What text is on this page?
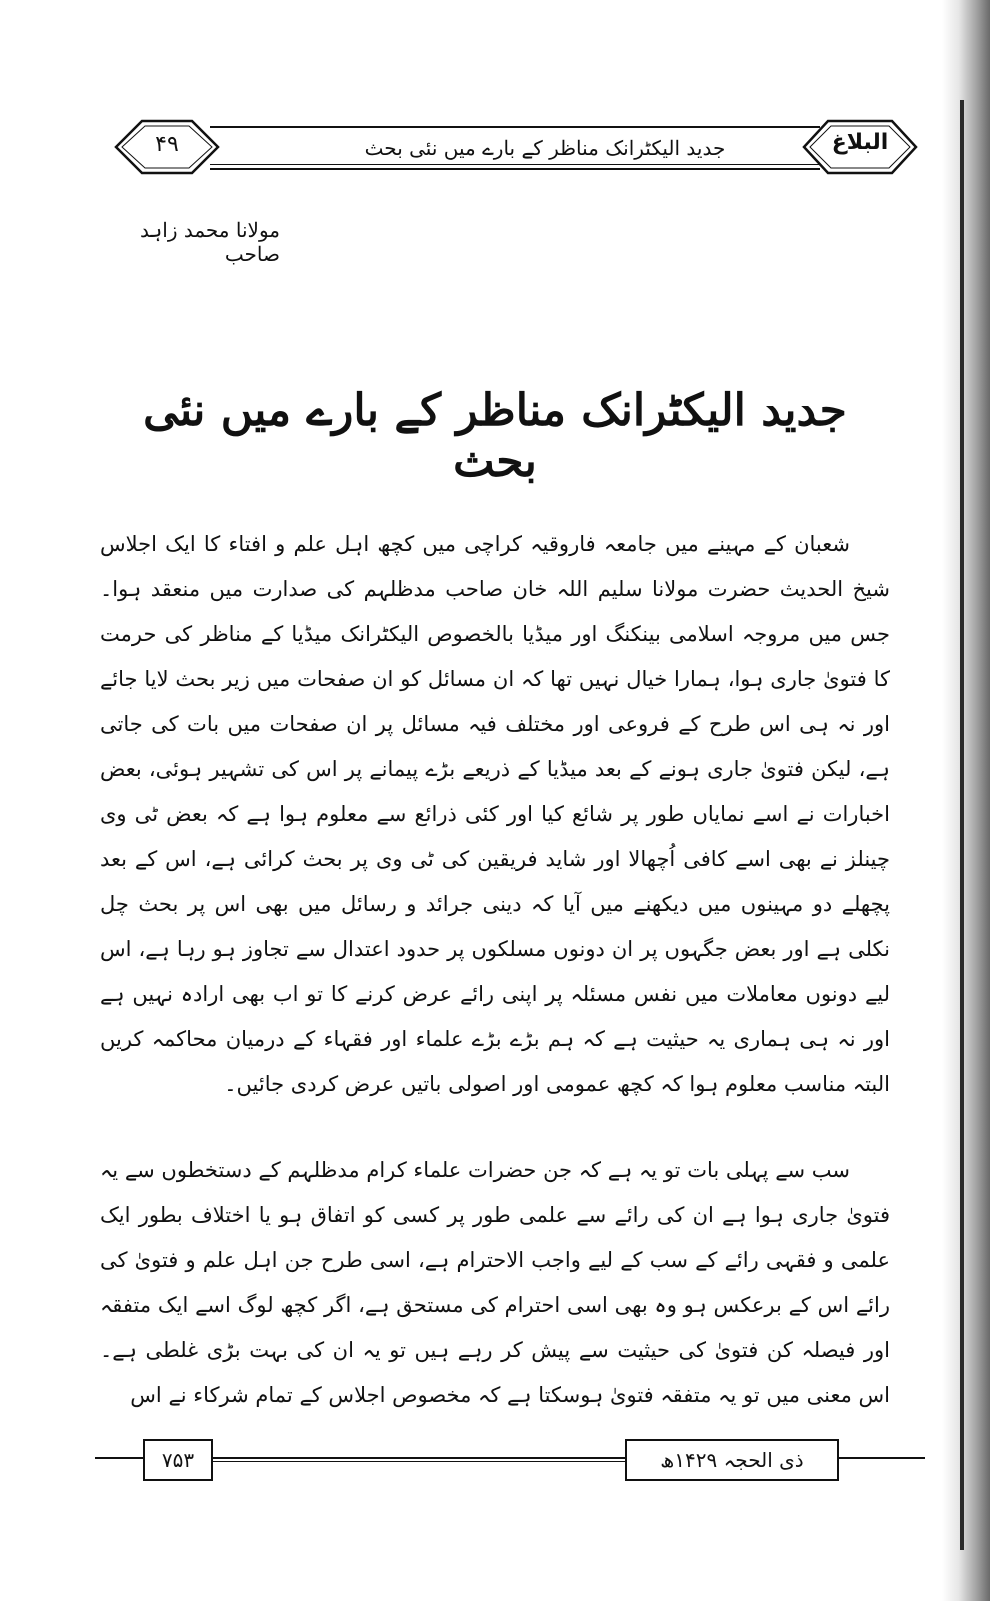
۴۹	جدید الیکٹرانک مناظر کے بارے میں نئی بحث	البلاغ
مولانا محمد زاہد صاحب
جدید الیکٹرانک مناظر کے بارے میں نئی بحث

شعبان کے مہینے میں جامعہ فاروقیہ کراچی میں کچھ اہل علم و افتاء کا ایک اجلاس شیخ الحدیث حضرت مولانا سلیم اللہ خان صاحب مدظلہم کی صدارت میں منعقد ہوا۔ جس میں مروجہ اسلامی بینکنگ اور میڈیا بالخصوص الیکٹرانک میڈیا کے مناظر کی حرمت کا فتویٰ جاری ہوا، ہمارا خیال نہیں تھا کہ ان مسائل کو ان صفحات میں زیر بحث لایا جائے اور نہ ہی اس طرح کے فروعی اور مختلف فیہ مسائل پر ان صفحات میں بات کی جاتی ہے، لیکن فتویٰ جاری ہونے کے بعد میڈیا کے ذریعے بڑے پیمانے پر اس کی تشہیر ہوئی، بعض اخبارات نے اسے نمایاں طور پر شائع کیا اور کئی ذرائع سے معلوم ہوا ہے کہ بعض ٹی وی چینلز نے بھی اسے کافی اُچھالا اور شاید فریقین کی ٹی وی پر بحث کرائی ہے، اس کے بعد پچھلے دو مہینوں میں دیکھنے میں آیا کہ دینی جرائد و رسائل میں بھی اس پر بحث چل نکلی ہے اور بعض جگہوں پر ان دونوں مسلکوں پر حدود اعتدال سے تجاوز ہو رہا ہے، اس لیے دونوں معاملات میں نفس مسئلہ پر اپنی رائے عرض کرنے کا تو اب بھی ارادہ نہیں ہے اور نہ ہی ہماری یہ حیثیت ہے کہ ہم بڑے بڑے علماء اور فقہاء کے درمیان محاکمہ کریں البتہ مناسب معلوم ہوا کہ کچھ عمومی اور اصولی باتیں عرض کردی جائیں۔

سب سے پہلی بات تو یہ ہے کہ جن حضرات علماء کرام مدظلہم کے دستخطوں سے یہ فتویٰ جاری ہوا ہے ان کی رائے سے علمی طور پر کسی کو اتفاق ہو یا اختلاف بطور ایک علمی و فقہی رائے کے سب کے لیے واجب الاحترام ہے، اسی طرح جن اہل علم و فتویٰ کی رائے اس کے برعکس ہو وہ بھی اسی احترام کی مستحق ہے، اگر کچھ لوگ اسے ایک متفقہ اور فیصلہ کن فتویٰ کی حیثیت سے پیش کر رہے ہیں تو یہ ان کی بہت بڑی غلطی ہے۔ اس معنی میں تو یہ متفقہ فتویٰ ہوسکتا ہے کہ مخصوص اجلاس کے تمام شرکاء نے اس

۷۵۳	ذی الحجہ ۱۴۲۹ھ
